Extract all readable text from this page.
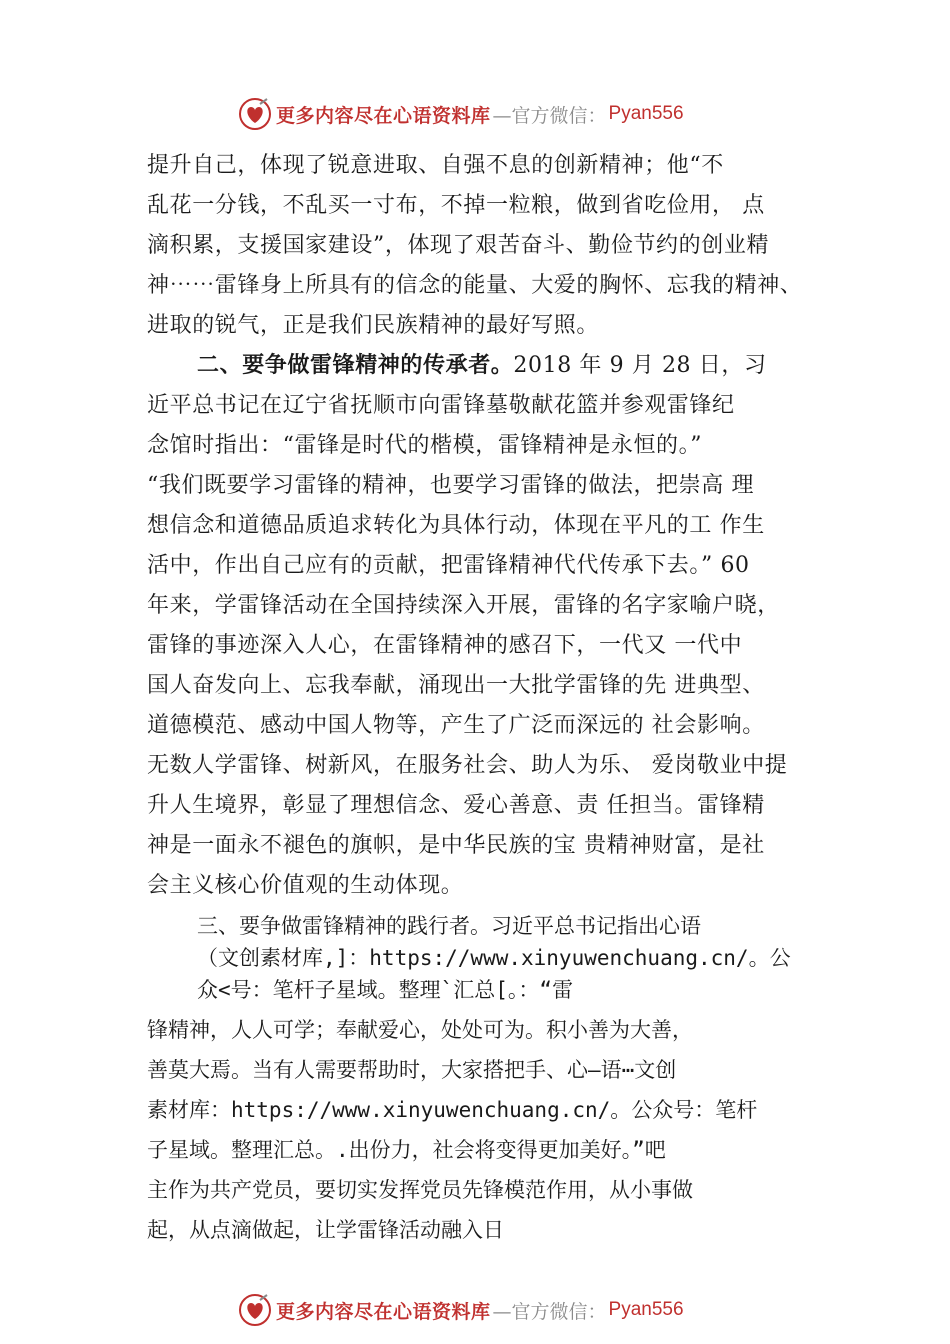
更多内容尽在心语资料库 —官方微信： Pyan556
提升自己，体现了锐意进取、自强不息的创新精神；他“不
乱花一分钱，不乱买一寸布，不掉一粒粮，做到省吃俭用， 点
滴积累，支援国家建设”，体现了艰苦奋斗、勤俭节约的创业精
神⋯⋯雷锋身上所具有的信念的能量、大爱的胸怀、忘我的精神、
进取的锐气，正是我们民族精神的最好写照。
二、要争做雷锋精神的传承者。2018 年 9 月 28 日，习
近平总书记在辽宁省抚顺市向雷锋墓敬献花篮并参观雷锋纪
念馆时指出：“雷锋是时代的楷模，雷锋精神是永恒的。”
“我们既要学习雷锋的精神，也要学习雷锋的做法，把崇高 理
想信念和道德品质追求转化为具体行动，体现在平凡的工 作生
活中，作出自己应有的贡献，把雷锋精神代代传承下去。” 60
年来，学雷锋活动在全国持续深入开展，雷锋的名字家喻户晓，
雷锋的事迹深入人心，在雷锋精神的感召下，一代又 一代中
国人奋发向上、忘我奉献，涌现出一大批学雷锋的先 进典型、
道德模范、感动中国人物等，产生了广泛而深远的 社会影响。
无数人学雷锋、树新风，在服务社会、助人为乐、 爱岗敬业中提
升人生境界，彰显了理想信念、爱心善意、责 任担当。雷锋精
神是一面永不褪色的旗帜，是中华民族的宝 贵精神财富，是社
会主义核心价值观的生动体现。
三、要争做雷锋精神的践行者。习近平总书记指出心语
（文创素材库,]：https://www.xinyuwenchuang.cn/。公
众<号：笔杆子星域。整理`汇总[。：“雷
锋精神，人人可学；奉献爱心，处处可为。积小善为大善，
善莫大焉。当有人需要帮助时，大家搭把手、心—语⋯文创
素材库：https://www.xinyuwenchuang.cn/。公众号：笔杆
子星域。整理汇总。.出份力，社会将变得更加美好。”吧
主作为共产党员，要切实发挥党员先锋模范作用，从小事做
起，从点滴做起，让学雷锋活动融入日
更多内容尽在心语资料库 —官方微信： Pyan556
